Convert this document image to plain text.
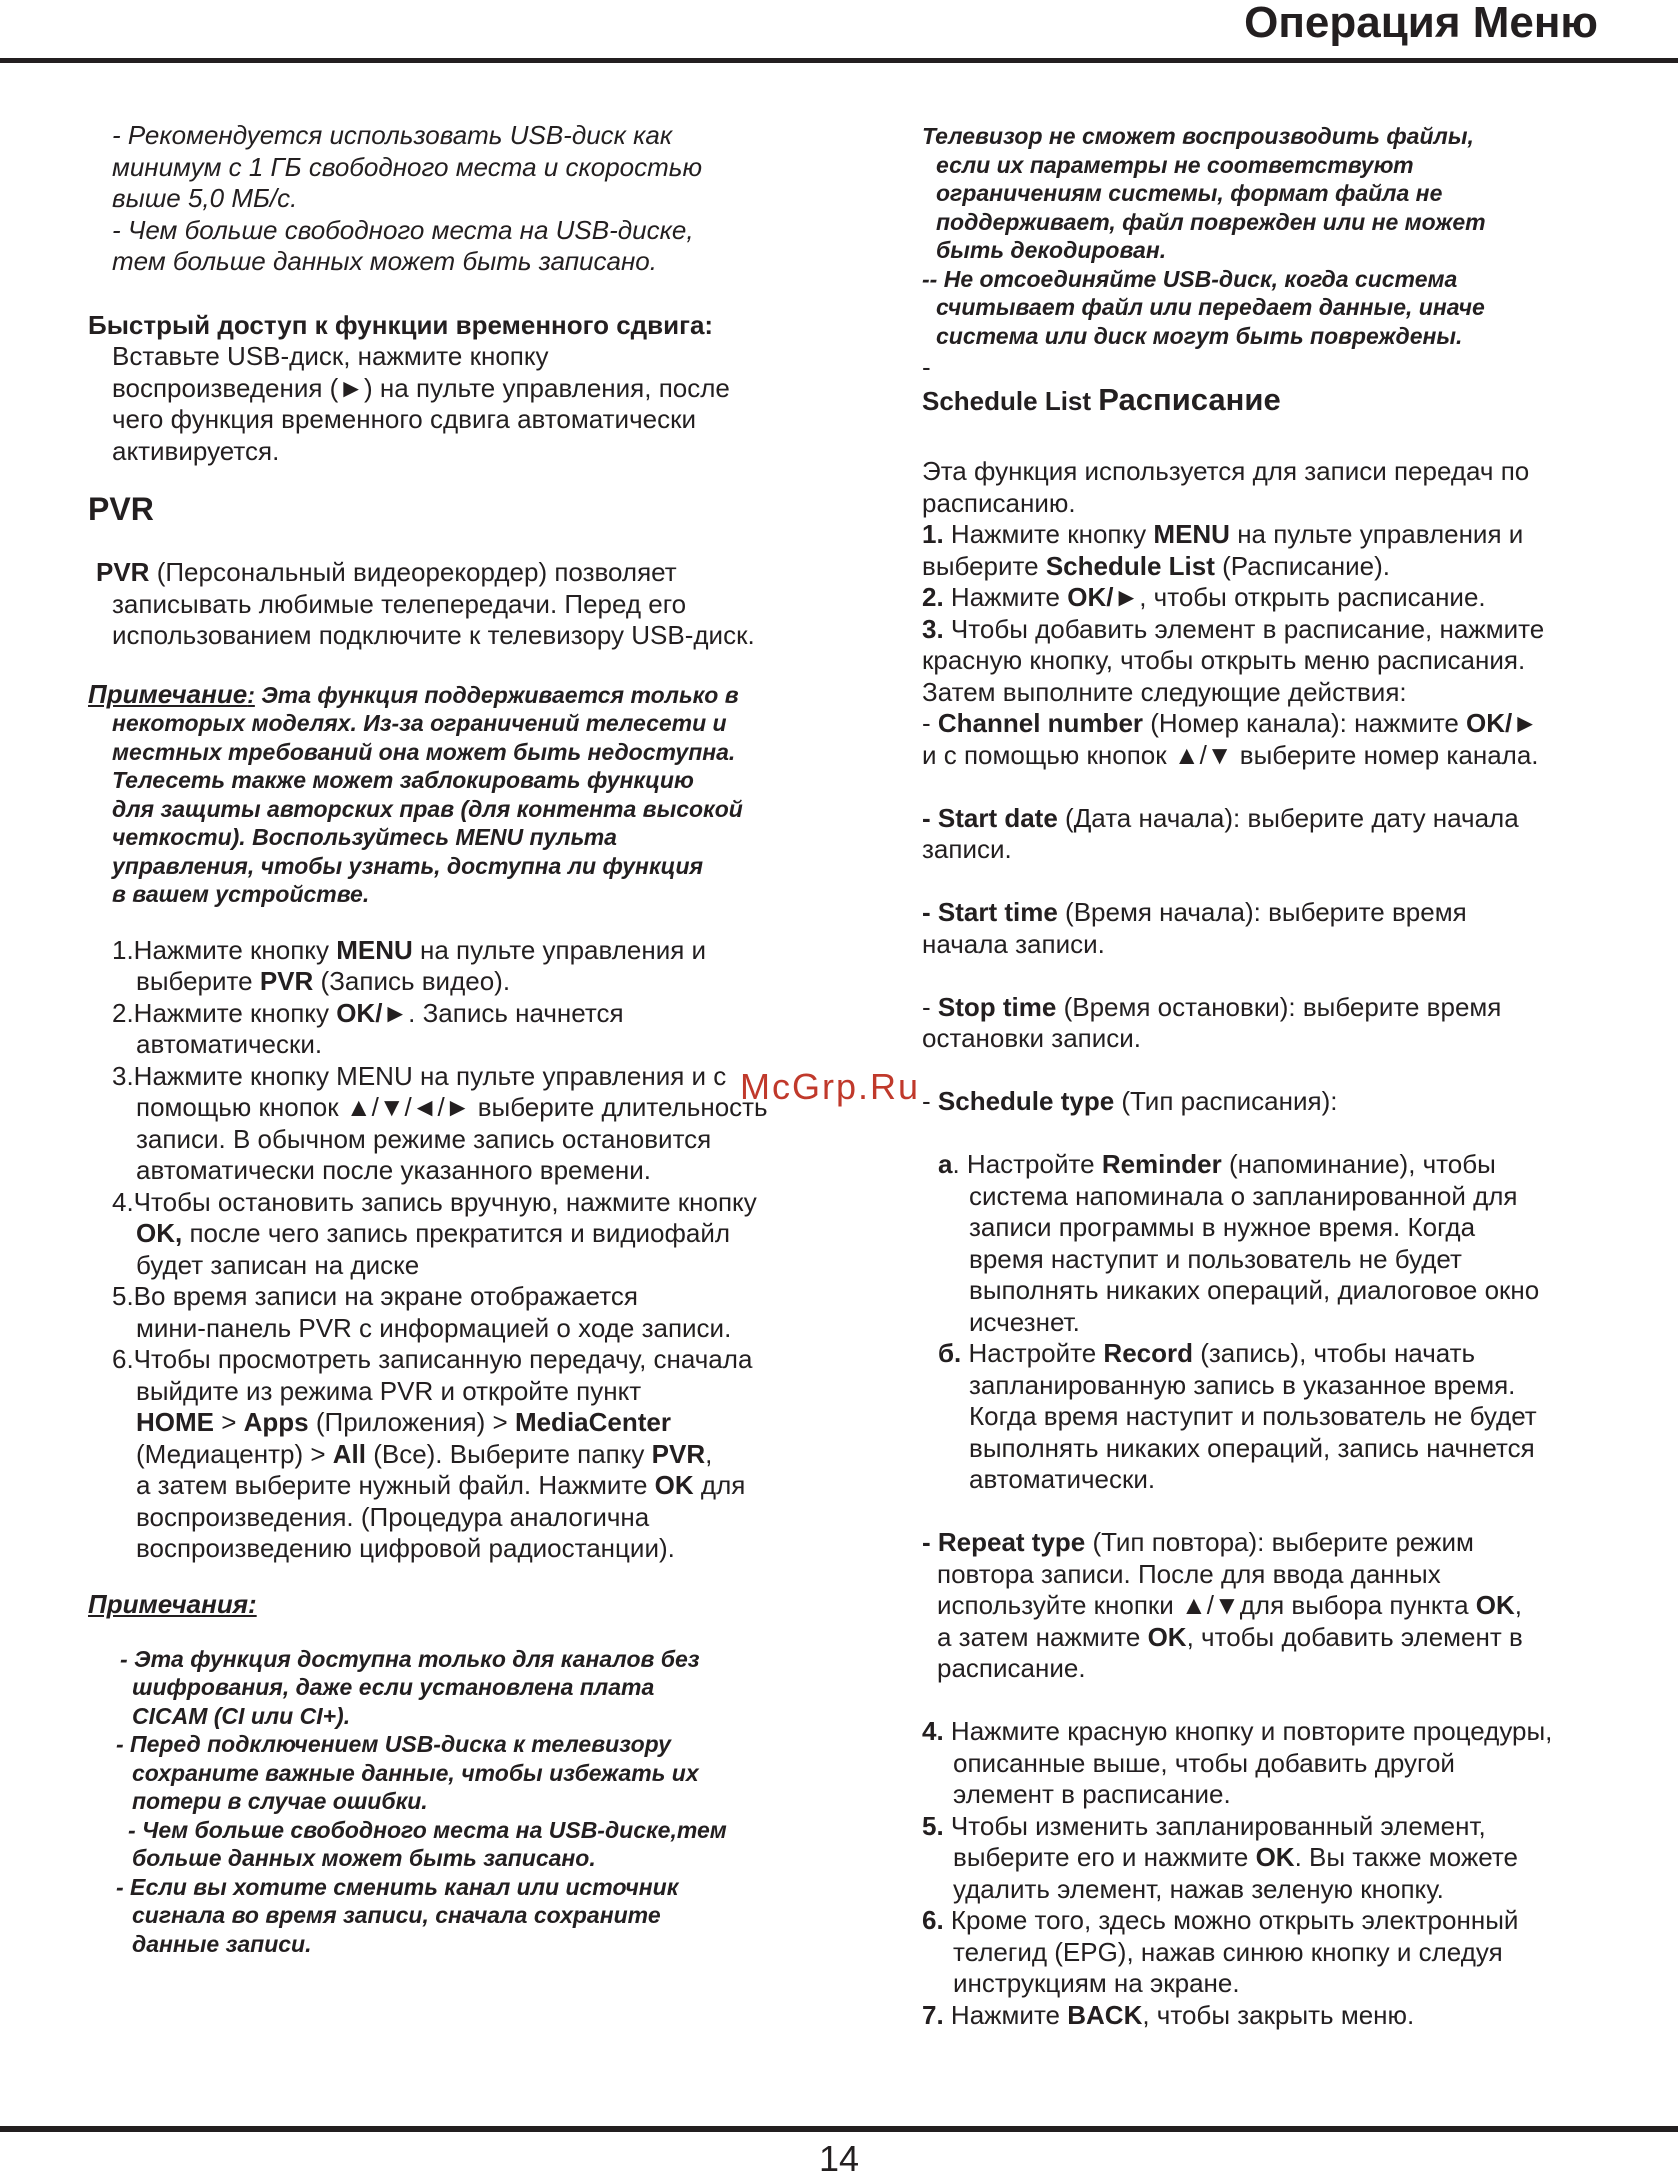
Операция Меню

- Рекомендуется использовать USB-диск как

минимум с 1 ГБ свободного места и скоростью

выше 5,0 МБ/с.

- Чем больше свободного места на USB-диске,

тем больше данных может быть записано.

Быстрый доступ к функции временного сдвига:

Вставьте USB-диск, нажмите кнопку

воспроизведения (►) на пульте управления, после

чего функция временного сдвига автоматически

активируется.

PVR

PVR (Персональный видеорекордер) позволяет

записывать любимые телепередачи. Перед его

использованием подключите к телевизору USB-диск.

Примечание: Эта функция поддерживается только в

некоторых моделях. Из-за ограничений телесети и

местных требований она может быть недоступна.

Телесеть также может заблокировать функцию

для защиты авторских прав (для контента высокой

четкости). Воспользуйтесь MENU пульта

управления, чтобы узнать, доступна ли функция

в вашем устройстве.

1.Нажмите кнопку MENU на пульте управления и

выберите PVR (Запись видео).

2.Нажмите кнопку OK/►. Запись начнется

автоматически.

3.Нажмите кнопку MENU на пульте управления и с

помощью кнопок ▲/▼/◄/► выберите длительность

записи. В обычном режиме запись остановится

автоматически после указанного времени.

4.Чтобы остановить запись вручную, нажмите кнопку

OK, после чего запись прекратится и видиофайл

будет записан на диске

5.Во время записи на экране отображается

мини-панель PVR с информацией о ходе записи.

6.Чтобы просмотреть записанную передачу, сначала

выйдите из режима PVR и откройте пункт

HOME > Apps (Приложения) > MediaCenter

(Медиацентр) > All (Все). Выберите папку PVR,

а затем выберите нужный файл. Нажмите OK для

воспроизведения. (Процедура аналогична

воспроизведению цифровой радиостанции).

Примечания:

- Эта функция доступна только для каналов без

шифрования, даже если установлена плата

CICAM (CI или CI+).

- Перед подключением USB-диска к телевизору

сохраните важные данные, чтобы избежать их

потери в случае ошибки.

- Чем больше свободного места на USB-диске,тем

больше данных может быть записано.

- Если вы хотите сменить канал или источник

сигнала во время записи, сначала сохраните

данные записи.

Телевизор не сможет воспроизводить файлы,

если их параметры не соответствуют

ограничениям системы, формат файла не

поддерживает, файл поврежден или не может

быть декодирован.

-- Не отсоединяйте USB-диск, когда система

считывает файл или передает данные, иначе

система или диск могут быть повреждены.

-

Schedule List Расписание

Эта функция используется для записи передач по

расписанию.

1. Нажмите кнопку MENU на пульте управления и

выберите Schedule List (Расписание).

2. Нажмите OK/►, чтобы открыть расписание.

3. Чтобы добавить элемент в расписание, нажмите

красную кнопку, чтобы открыть меню расписания.

Затем выполните следующие действия:

- Channel number (Номер канала): нажмите OK/►

и с помощью кнопок ▲/▼ выберите номер канала.

- Start date (Дата начала): выберите дату начала

записи.

- Start time (Время начала): выберите время

начала записи.

- Stop time (Время остановки): выберите время

остановки записи.

- Schedule type (Тип расписания):

a. Настройте Reminder (напоминание), чтобы

система напоминала о запланированной для

записи программы в нужное время. Когда

время наступит и пользователь не будет

выполнять никаких операций, диалоговое окно

исчезнет.

б. Настройте Record (запись), чтобы начать

запланированную запись в указанное время.

Когда время наступит и пользователь не будет

выполнять никаких операций, запись начнется

автоматически.

- Repeat type (Тип повтора): выберите режим

повтора записи. После для ввода данных

используйте кнопки ▲/▼для выбора пункта OK,

а затем нажмите OK, чтобы добавить элемент в

расписание.

4. Нажмите красную кнопку и повторите процедуры,

описанные выше, чтобы добавить другой

элемент в расписание.

5. Чтобы изменить запланированный элемент,

выберите его и нажмите OK. Вы также можете

удалить элемент, нажав зеленую кнопку.

6. Кроме того, здесь можно открыть электронный

телегид (EPG), нажав синюю кнопку и следуя

инструкциям на экране.

7. Нажмите BACK, чтобы закрыть меню.

McGrp.Ru
14
